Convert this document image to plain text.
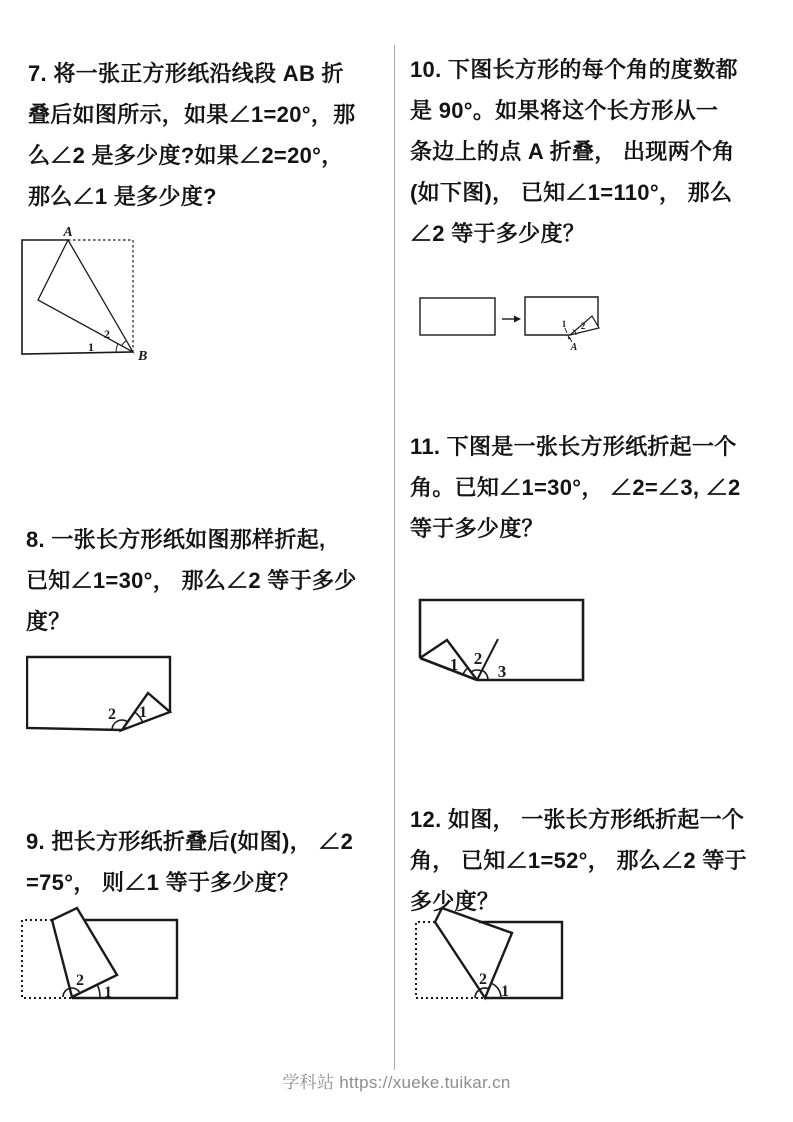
7. 将一张正方形纸沿线段 AB 折
叠后如图所示，如果∠1=20°，那
么∠2 是多少度?如果∠2=20°，
那么∠1 是多少度?
A
B
2
1
8. 一张长方形纸如图那样折起,
已知∠1=30°， 那么∠2 等于多少
度？
2 1
9. 把长方形纸折叠后(如图)， ∠2
=75°， 则∠1 等于多少度？
2
1
10. 下图长方形的每个角的度数都
是 90°。如果将这个长方形从一
条边上的点 A 折叠， 出现两个角
(如下图)， 已知∠1=110°， 那么
∠2 等于多少度？
1 2
A
11. 下图是一张长方形纸折起一个
角。已知∠1=30°， ∠2=∠3, ∠2
等于多少度？
1 2
3
12. 如图， 一张长方形纸折起一个
角， 已知∠1=52°， 那么∠2 等于
多少度？
2
1
学科站 https://xueke.tuikar.cn
